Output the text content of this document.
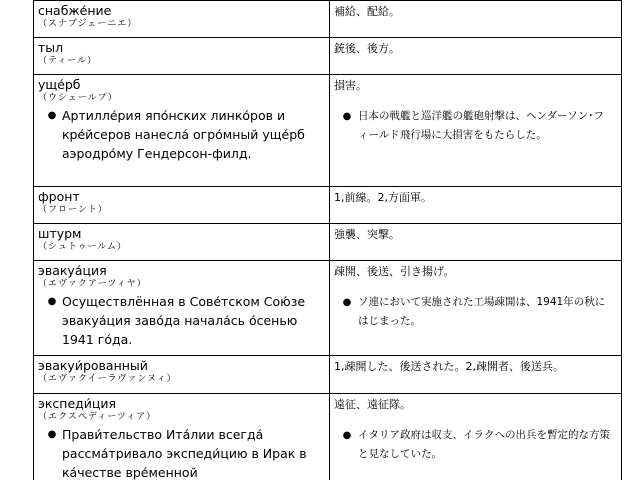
снабже́ние
（スナブジェーニエ）	補給、配給。

тыл
（ティール）	銃後、後方。

уще́рб
（ウシェールプ）
● Артилле́рия япо́нских линко́ров и кре́йсеров нанесла́ огро́мный уще́рб аэродро́му Гендерсон-филд.	損害。
● 日本の戦艦と巡洋艦の艦砲射撃は、ヘンダーソン･フィールド飛行場に大損害をもたらした。

фронт
（フローント）	1,前線。2,方面軍。

штурм
（シュトゥールム）	強襲、突撃。

эвакуа́ция
（エヴァクアーツィヤ）
● Осуществлённая в Сове́тском Сою́зе эвакуа́ция заво́да начала́сь о́сенью 1941 го́да.	疎開、後送、引き揚げ。
● ソ連において実施された工場疎開は、1941年の秋にはじまった。

эвакуи́рованный
（エヴァクイーラヴァンヌィ）	1,疎開した、後送された。2,疎開者、後送兵。

экспеди́ция
（エクスペディーツィア）
● Прави́тельство Ита́лии всегда́ рассма́тривало экспеди́цию в Ирак в ка́честве вре́менной	遠征、遠征隊。
● イタリア政府は収支、イラクへの出兵を暫定的な方策と見なしていた。
